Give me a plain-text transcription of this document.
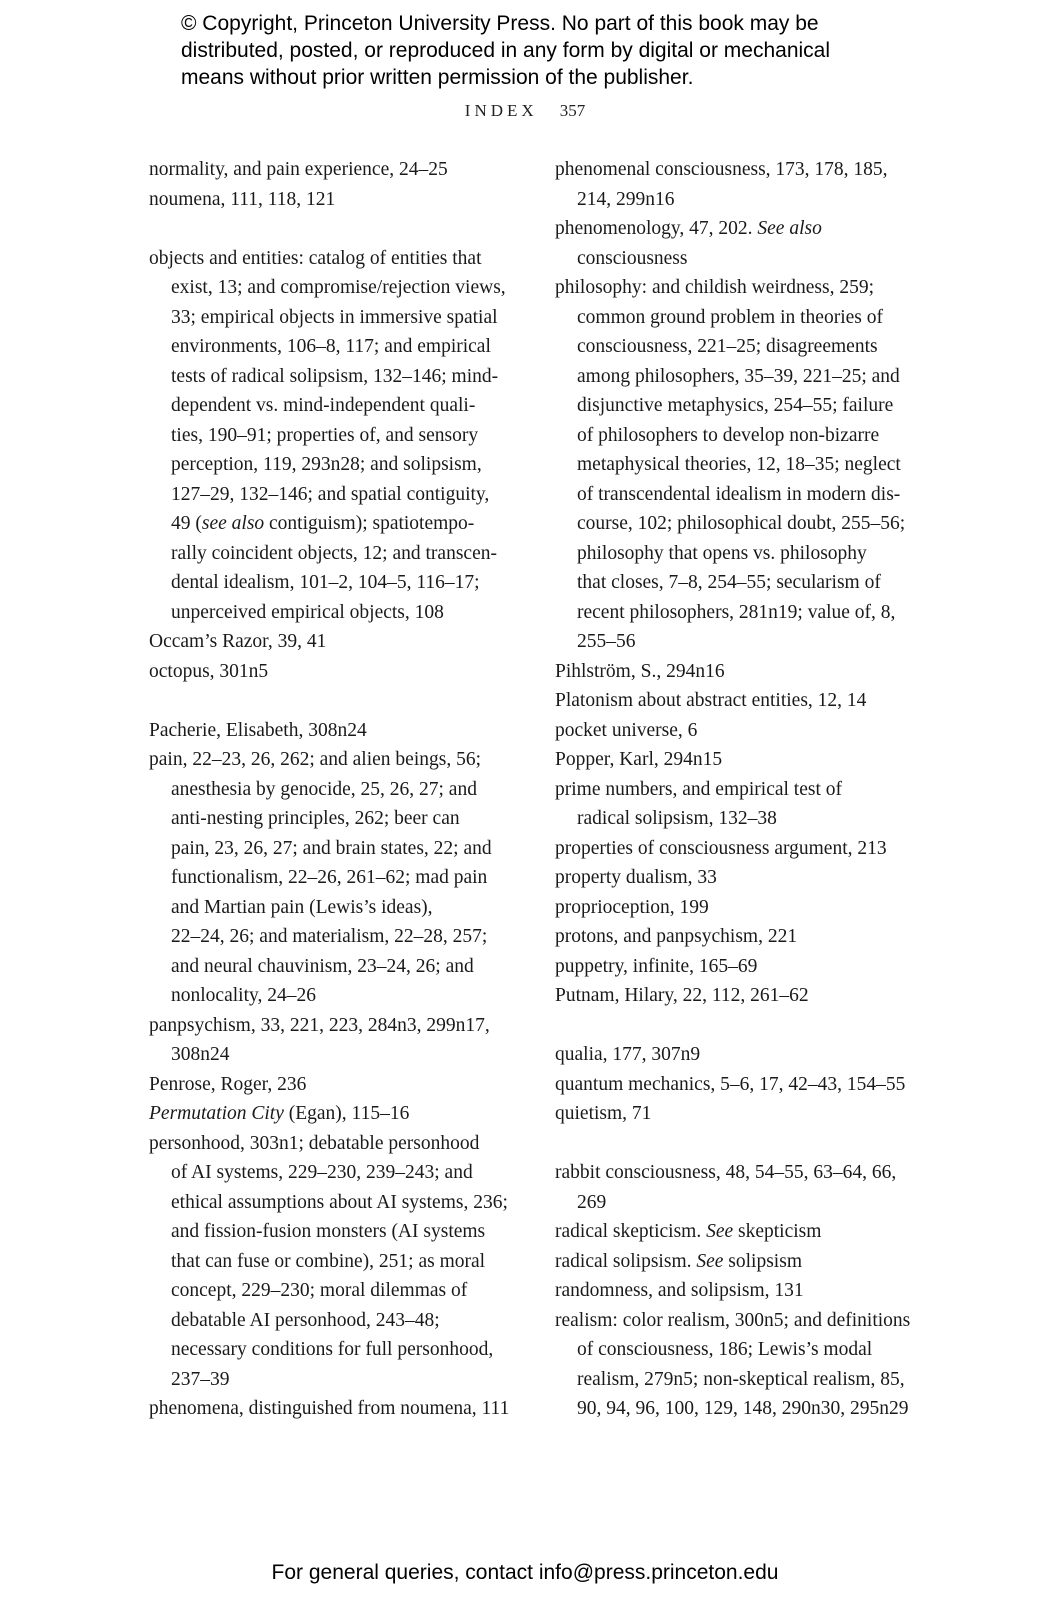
© Copyright, Princeton University Press. No part of this book may be
distributed, posted, or reproduced in any form by digital or mechanical
means without prior written permission of the publisher.
INDEX 357
normality, and pain experience, 24–25
noumena, 111, 118, 121
objects and entities: catalog of entities that
exist, 13; and compromise/rejection views,
33; empirical objects in immersive spatial
environments, 106–8, 117; and empirical
tests of radical solipsism, 132–146; mind-
dependent vs. mind-independent quali-
ties, 190–91; properties of, and sensory
perception, 119, 293n28; and solipsism,
127–29, 132–146; and spatial contiguity,
49 (see also contiguism); spatiotempo-
rally coincident objects, 12; and transcen-
dental idealism, 101–2, 104–5, 116–17;
unperceived empirical objects, 108
Occam’s Razor, 39, 41
octopus, 301n5
Pacherie, Elisabeth, 308n24
pain, 22–23, 26, 262; and alien beings, 56;
anesthesia by genocide, 25, 26, 27; and
anti-nesting principles, 262; beer can
pain, 23, 26, 27; and brain states, 22; and
functionalism, 22–26, 261–62; mad pain
and Martian pain (Lewis’s ideas),
22–24, 26; and materialism, 22–28, 257;
and neural chauvinism, 23–24, 26; and
nonlocality, 24–26
panpsychism, 33, 221, 223, 284n3, 299n17,
308n24
Penrose, Roger, 236
Permutation City (Egan), 115–16
personhood, 303n1; debatable personhood
of AI systems, 229–230, 239–243; and
ethical assumptions about AI systems, 236;
and fission-fusion monsters (AI systems
that can fuse or combine), 251; as moral
concept, 229–230; moral dilemmas of
debatable AI personhood, 243–48;
necessary conditions for full personhood,
237–39
phenomena, distinguished from noumena, 111
phenomenal consciousness, 173, 178, 185,
214, 299n16
phenomenology, 47, 202. See also
consciousness
philosophy: and childish weirdness, 259;
common ground problem in theories of
consciousness, 221–25; disagreements
among philosophers, 35–39, 221–25; and
disjunctive metaphysics, 254–55; failure
of philosophers to develop non-bizarre
metaphysical theories, 12, 18–35; neglect
of transcendental idealism in modern dis-
course, 102; philosophical doubt, 255–56;
philosophy that opens vs. philosophy
that closes, 7–8, 254–55; secularism of
recent philosophers, 281n19; value of, 8,
255–56
Pihlström, S., 294n16
Platonism about abstract entities, 12, 14
pocket universe, 6
Popper, Karl, 294n15
prime numbers, and empirical test of
radical solipsism, 132–38
properties of consciousness argument, 213
property dualism, 33
proprioception, 199
protons, and panpsychism, 221
puppetry, infinite, 165–69
Putnam, Hilary, 22, 112, 261–62
qualia, 177, 307n9
quantum mechanics, 5–6, 17, 42–43, 154–55
quietism, 71
rabbit consciousness, 48, 54–55, 63–64, 66,
269
radical skepticism. See skepticism
radical solipsism. See solipsism
randomness, and solipsism, 131
realism: color realism, 300n5; and definitions
of consciousness, 186; Lewis’s modal
realism, 279n5; non-skeptical realism, 85,
90, 94, 96, 100, 129, 148, 290n30, 295n29
For general queries, contact info@press.princeton.edu
